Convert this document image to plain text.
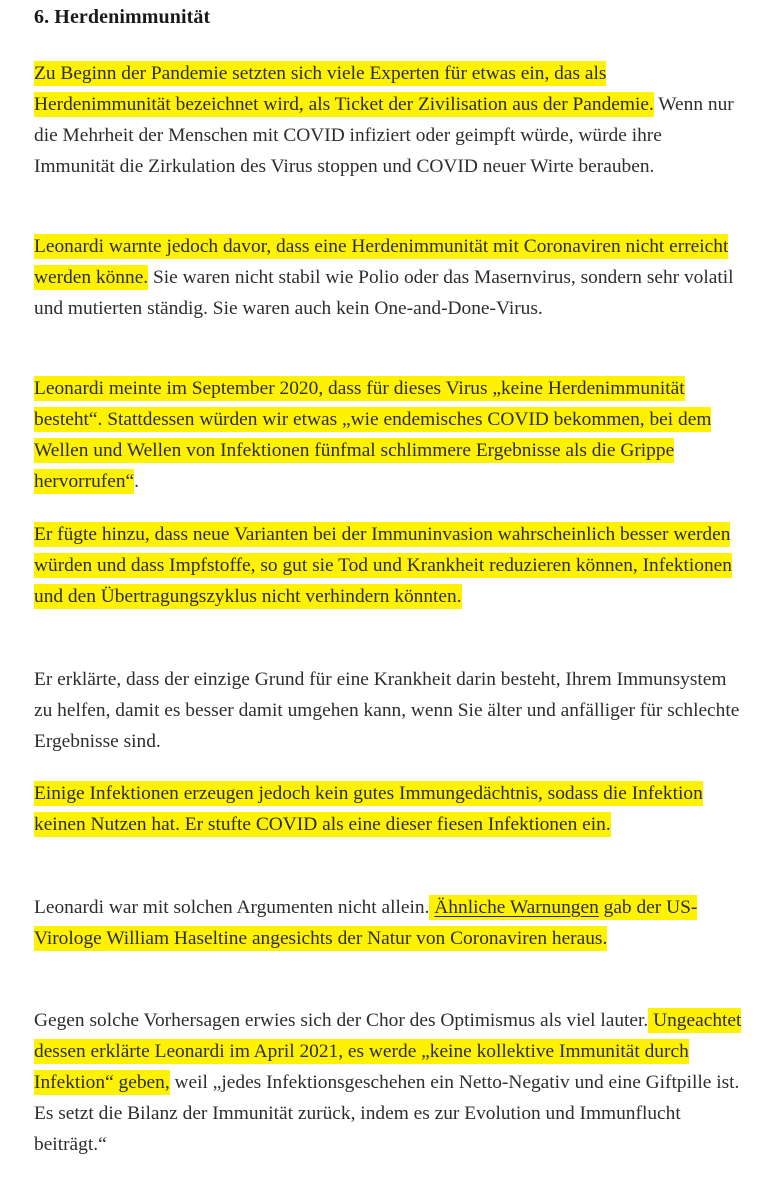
6. Herdenimmunität

Zu Beginn der Pandemie setzten sich viele Experten für etwas ein, das als Herdenimmunität bezeichnet wird, als Ticket der Zivilisation aus der Pandemie. Wenn nur die Mehrheit der Menschen mit COVID infiziert oder geimpft würde, würde ihre Immunität die Zirkulation des Virus stoppen und COVID neuer Wirte berauben.

Leonardi warnte jedoch davor, dass eine Herdenimmunität mit Coronaviren nicht erreicht werden könne. Sie waren nicht stabil wie Polio oder das Masernvirus, sondern sehr volatil und mutierten ständig. Sie waren auch kein One-and-Done-Virus.

Leonardi meinte im September 2020, dass für dieses Virus „keine Herdenimmunität besteht“. Stattdessen würden wir etwas „wie endemisches COVID bekommen, bei dem Wellen und Wellen von Infektionen fünfmal schlimmere Ergebnisse als die Grippe hervorrufen“.

Er fügte hinzu, dass neue Varianten bei der Immuninvasion wahrscheinlich besser werden würden und dass Impfstoffe, so gut sie Tod und Krankheit reduzieren können, Infektionen und den Übertragungszyklus nicht verhindern könnten.

Er erklärte, dass der einzige Grund für eine Krankheit darin besteht, Ihrem Immunsystem zu helfen, damit es besser damit umgehen kann, wenn Sie älter und anfälliger für schlechte Ergebnisse sind.

Einige Infektionen erzeugen jedoch kein gutes Immungedächtnis, sodass die Infektion keinen Nutzen hat. Er stufte COVID als eine dieser fiesen Infektionen ein.

Leonardi war mit solchen Argumenten nicht allein. Ähnliche Warnungen gab der US-Virologe William Haseltine angesichts der Natur von Coronaviren heraus.

Gegen solche Vorhersagen erwies sich der Chor des Optimismus als viel lauter. Ungeachtet dessen erklärte Leonardi im April 2021, es werde „keine kollektive Immunität durch Infektion“ geben, weil „jedes Infektionsgeschehen ein Netto-Negativ und eine Giftpille ist. Es setzt die Bilanz der Immunität zurück, indem es zur Evolution und Immunflucht beiträgt.“
